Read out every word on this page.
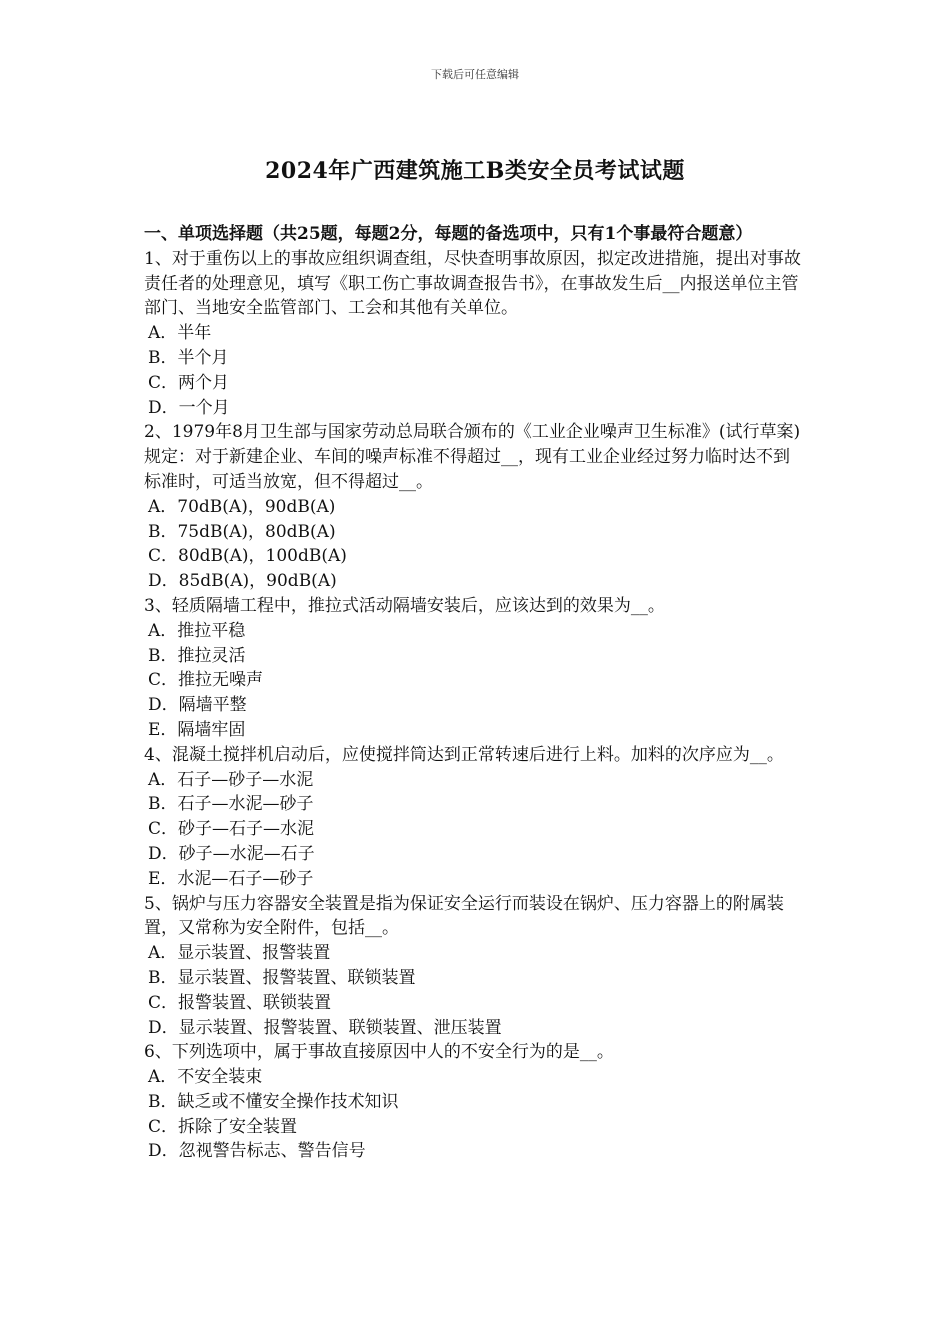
下载后可任意编辑
2024年广西建筑施工B类安全员考试试题

一、单项选择题（共25题，每题2分，每题的备选项中，只有1个事最符合题意）

1、对于重伤以上的事故应组织调查组，尽快查明事故原因，拟定改进措施，提出对事故责任者的处理意见，填写《职工伤亡事故调查报告书》，在事故发生后__内报送单位主管部门、当地安全监管部门、工会和其他有关单位。

A．半年

B．半个月

C．两个月

D．一个月

2、1979年8月卫生部与国家劳动总局联合颁布的《工业企业噪声卫生标准》(试行草案)规定：对于新建企业、车间的噪声标准不得超过__，现有工业企业经过努力临时达不到标准时，可适当放宽，但不得超过__。

A．70dB(A)，90dB(A)

B．75dB(A)，80dB(A)

C．80dB(A)，100dB(A)

D．85dB(A)，90dB(A)

3、轻质隔墙工程中，推拉式活动隔墙安装后，应该达到的效果为__。

A．推拉平稳

B．推拉灵活

C．推拉无噪声

D．隔墙平整

E．隔墙牢固

4、混凝土搅拌机启动后，应使搅拌筒达到正常转速后进行上料。加料的次序应为__。

A．石子—砂子—水泥

B．石子—水泥—砂子

C．砂子—石子—水泥

D．砂子—水泥—石子

E．水泥—石子—砂子

5、锅炉与压力容器安全装置是指为保证安全运行而装设在锅炉、压力容器上的附属装置，又常称为安全附件，包括__。

A．显示装置、报警装置

B．显示装置、报警装置、联锁装置

C．报警装置、联锁装置

D．显示装置、报警装置、联锁装置、泄压装置

6、下列选项中，属于事故直接原因中人的不安全行为的是__。

A．不安全装束

B．缺乏或不懂安全操作技术知识

C．拆除了安全装置

D．忽视警告标志、警告信号
